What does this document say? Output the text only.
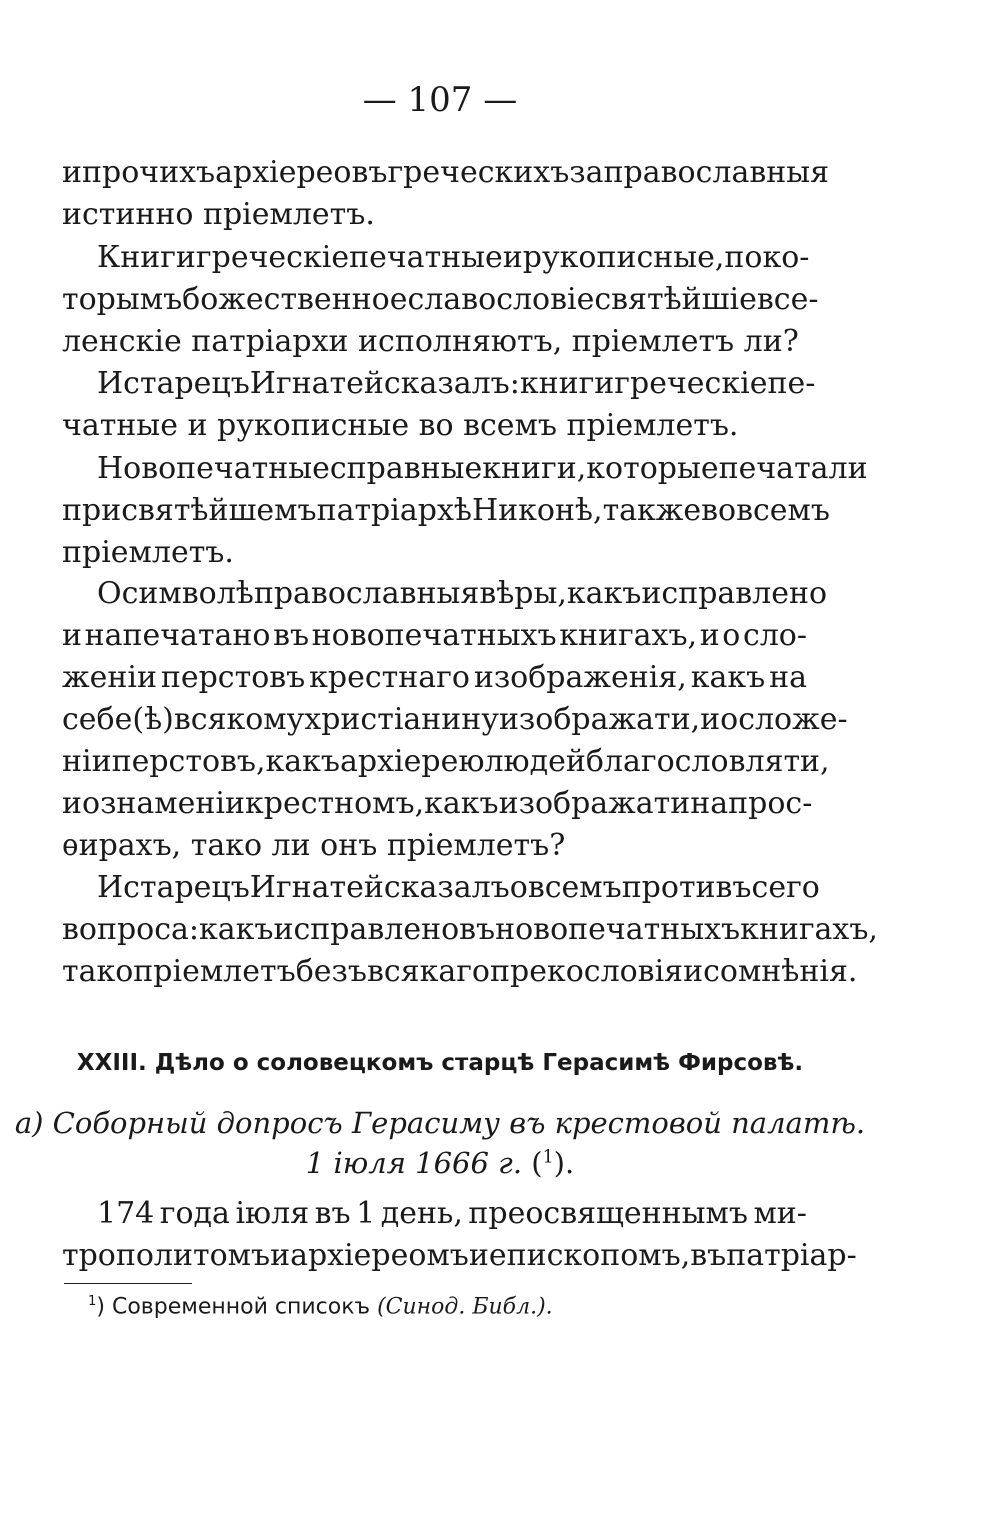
— 107 —
и прочихъ архіереовъ греческихъ за православныя
истинно пріемлетъ.
Книги греческіе печатные и рукописные, по ко-
торымъ божественное славословіе святѣйшіе все-
ленскіе патріархи исполняютъ, пріемлетъ ли?
И старецъ Игнатей сказалъ: книги греческіе пе-
чатные и рукописные во всемъ пріемлетъ.
Новопечатные справные книги, которые печатали
при святѣйшемъ патріархѣ Никонѣ, также во всемъ
пріемлетъ.
О символѣ православныя вѣры, какъ исправлено
и напечатано въ новопечатныхъ книгахъ, и о сло-
женіи перстовъ крестнаго изображенія, какъ на
себе(ѣ) всякому христіанину изображати, и о сложе-
ніи перстовъ, какъ архіерею людей благословляти,
и о знаменіи крестномъ, какъ изображати на прос-
ѳирахъ, тако ли онъ пріемлетъ?
И старецъ Игнатей сказалъ о всемъ противъ сего
вопроса: какъ исправлено въ новопечатныхъ книгахъ,
тако пріемлетъ безъ всякаго прекословія и сомнѣнія.
XXIII. Дѣло о соловецкомъ старцѣ Герасимѣ Фирсовѣ.
а) Соборный допросъ Герасиму въ крестовой палатѣ.
1 іюля 1666 г. ($^1$).
174 года іюля въ 1 день, преосвященнымъ ми-
трополитомъ и архіереомъ и епископомъ, въ патріар-
$^1$) Современной списокъ (Синод. Библ.).
